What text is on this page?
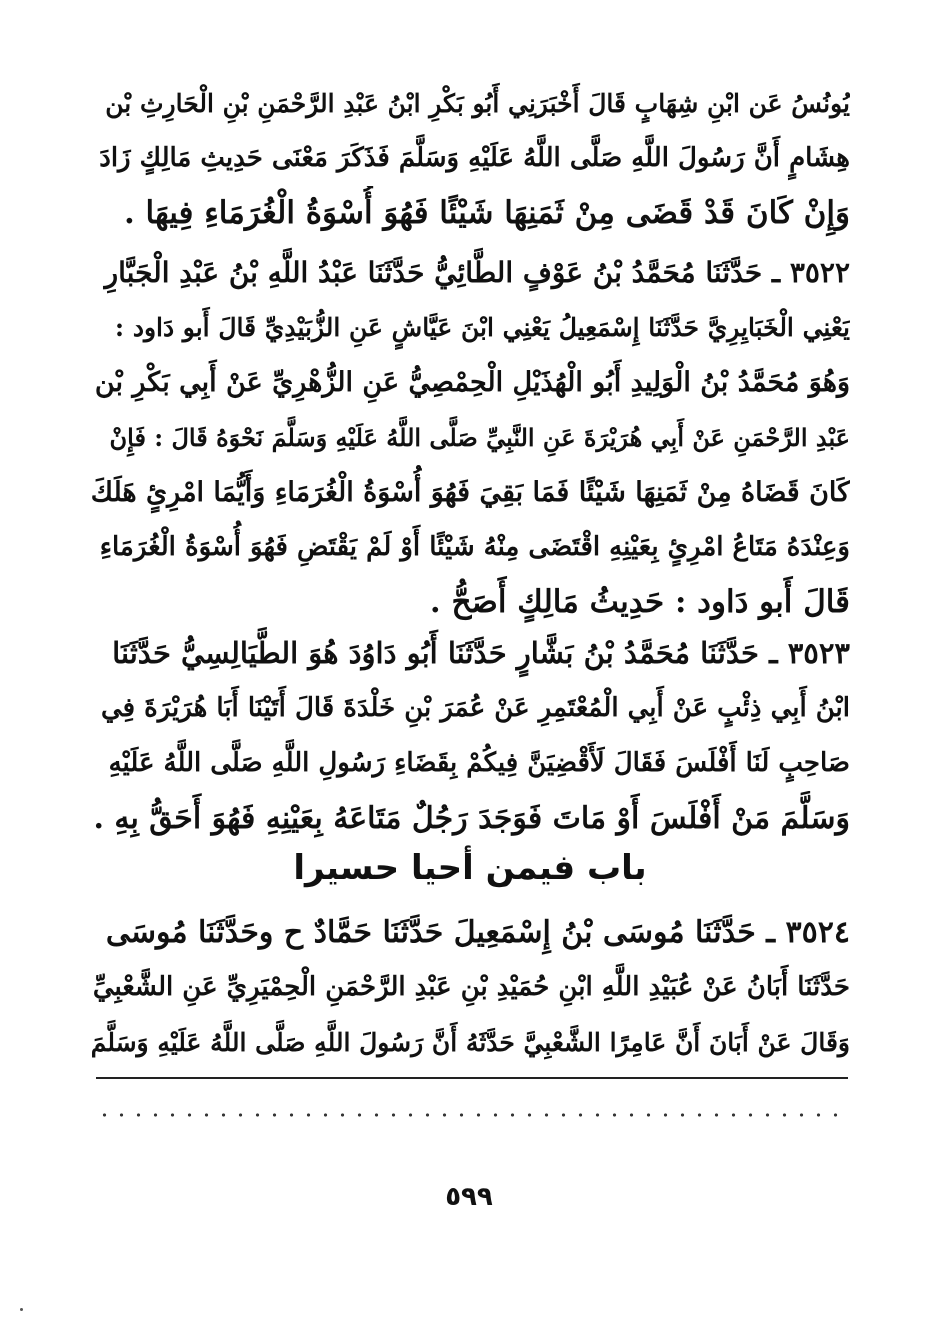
يُونُسُ عَن ابْنِ شِهَابٍ قَالَ أَخْبَرَنِي أَبُو بَكْرِ ابْنُ عَبْدِ الرَّحْمَنِ بْنِ الْحَارِثِ بْن
هِشَامٍ أَنَّ رَسُولَ اللَّهِ صَلَّى اللَّهُ عَلَيْهِ وَسَلَّمَ فَذَكَرَ مَعْنَى حَدِيثِ مَالِكٍ زَادَ
وَإِنْ كَانَ قَدْ قَضَى مِنْ ثَمَنِهَا شَيْئًا فَهُوَ أُسْوَةُ الْغُرَمَاءِ فِيهَا .
٣٥٢٢ ـ حَدَّثَنَا مُحَمَّدُ بْنُ عَوْفٍ الطَّائِيُّ حَدَّثَنَا عَبْدُ اللَّهِ بْنُ عَبْدِ الْجَبَّارِ
يَعْنِي الْخَبَايِرِيَّ حَدَّثَنَا إِسْمَعِيلُ يَعْنِي ابْنَ عَيَّاشٍ عَنِ الزُّبَيْدِيِّ قَالَ أَبو دَاود :
وَهُوَ مُحَمَّدُ بْنُ الْوَلِيدِ أَبُو الْهُذَيْلِ الْحِمْصِيُّ عَنِ الزُّهْرِيِّ عَنْ أَبِي بَكْرِ بْن
عَبْدِ الرَّحْمَنِ عَنْ أَبِي هُرَيْرَةَ عَنِ النَّبِيِّ صَلَّى اللَّهُ عَلَيْهِ وَسَلَّمَ نَحْوَهُ قَالَ : فَإِنْ
كَانَ قَضَاهُ مِنْ ثَمَنِهَا شَيْئًا فَمَا بَقِيَ فَهُوَ أُسْوَةُ الْغُرَمَاءِ وَأَيُّمَا امْرِئٍ هَلَكَ
وَعِنْدَهُ مَتَاعُ امْرِئٍ بِعَيْنِهِ اقْتَضَى مِنْهُ شَيْئًا أَوْ لَمْ يَقْتَضِ فَهُوَ أُسْوَةُ الْغُرَمَاءِ
قَالَ أَبو دَاود : حَدِيثُ مَالِكٍ أَصَحُّ .
٣٥٢٣ ـ حَدَّثَنَا مُحَمَّدُ بْنُ بَشَّارٍ حَدَّثَنَا أَبُو دَاوُدَ هُوَ الطَّيَالِسِيُّ حَدَّثَنَا
ابْنُ أَبِي ذِئْبٍ عَنْ أَبِي الْمُعْتَمِرِ عَنْ عُمَرَ بْنِ خَلْدَةَ قَالَ أَتَيْنَا أَبَا هُرَيْرَةَ فِي
صَاحِبٍ لَنَا أَفْلَسَ فَقَالَ لَأَقْضِيَنَّ فِيكُمْ بِقَضَاءِ رَسُولِ اللَّهِ صَلَّى اللَّهُ عَلَيْهِ
وَسَلَّمَ مَنْ أَفْلَسَ أَوْ مَاتَ فَوَجَدَ رَجُلٌ مَتَاعَهُ بِعَيْنِهِ فَهُوَ أَحَقُّ بِهِ .
باب فيمن أحيا حسيرا
٣٥٢٤ ـ حَدَّثَنَا مُوسَى بْنُ إِسْمَعِيلَ حَدَّثَنَا حَمَّادٌ ح وحَدَّثَنَا مُوسَى
حَدَّثَنَا أَبَانُ عَنْ عُبَيْدِ اللَّهِ ابْنِ حُمَيْدِ بْنِ عَبْدِ الرَّحْمَنِ الْحِمْيَرِيِّ عَنِ الشَّعْبِيِّ
وَقَالَ عَنْ أَبَانَ أَنَّ عَامِرًا الشَّعْبِيَّ حَدَّثَهُ أَنَّ رَسُولَ اللَّهِ صَلَّى اللَّهُ عَلَيْهِ وَسَلَّمَ
٥٩٩
